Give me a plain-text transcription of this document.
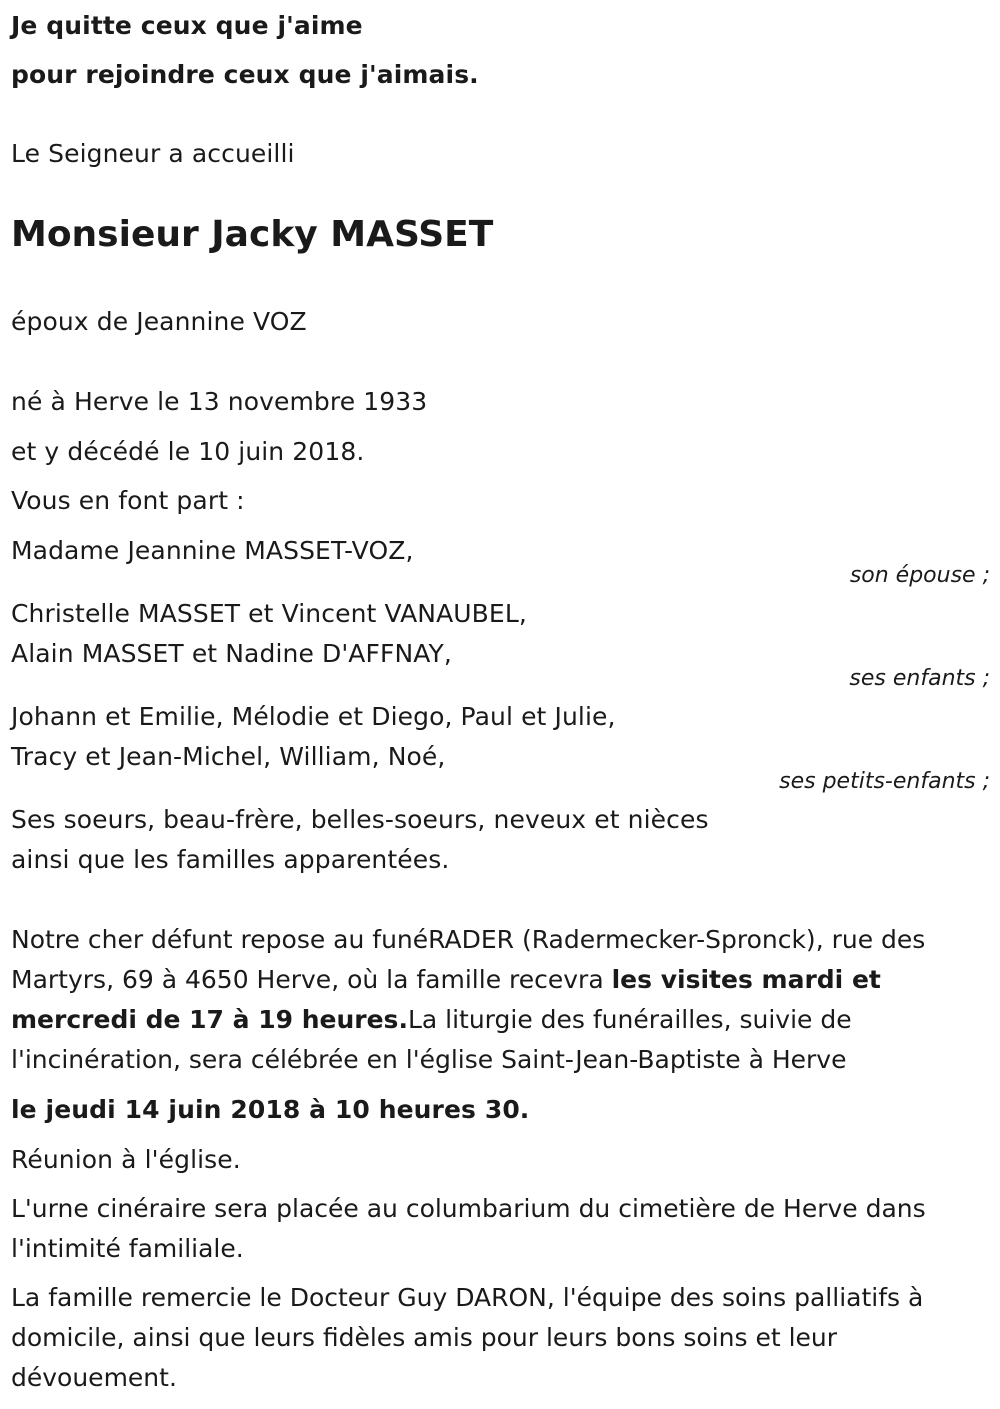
Je quitte ceux que j'aime

pour rejoindre ceux que j'aimais.

Le Seigneur a accueilli

Monsieur Jacky MASSET

époux de Jeannine VOZ

né à Herve le 13 novembre 1933

et y décédé le 10 juin 2018.

Vous en font part :

Madame Jeannine MASSET-VOZ,

son épouse ;

Christelle MASSET et Vincent VANAUBEL,

Alain MASSET et Nadine D'AFFNAY,

ses enfants ;

Johann et Emilie, Mélodie et Diego, Paul et Julie,

Tracy et Jean-Michel, William, Noé,

ses petits-enfants ;

Ses soeurs, beau-frère, belles-soeurs, neveux et nièces

ainsi que les familles apparentées.

Notre cher défunt repose au funéRADER (Radermecker-Spronck), rue des Martyrs, 69 à 4650 Herve, où la famille recevra les visites mardi et mercredi de 17 à 19 heures.La liturgie des funérailles, suivie de l'incinération, sera célébrée en l'église Saint-Jean-Baptiste à Herve

le jeudi 14 juin 2018 à 10 heures 30.

Réunion à l'église.

L'urne cinéraire sera placée au columbarium du cimetière de Herve dans l'intimité familiale.

La famille remercie le Docteur Guy DARON, l'équipe des soins palliatifs à domicile, ainsi que leurs fidèles amis pour leurs bons soins et leur dévouement.
